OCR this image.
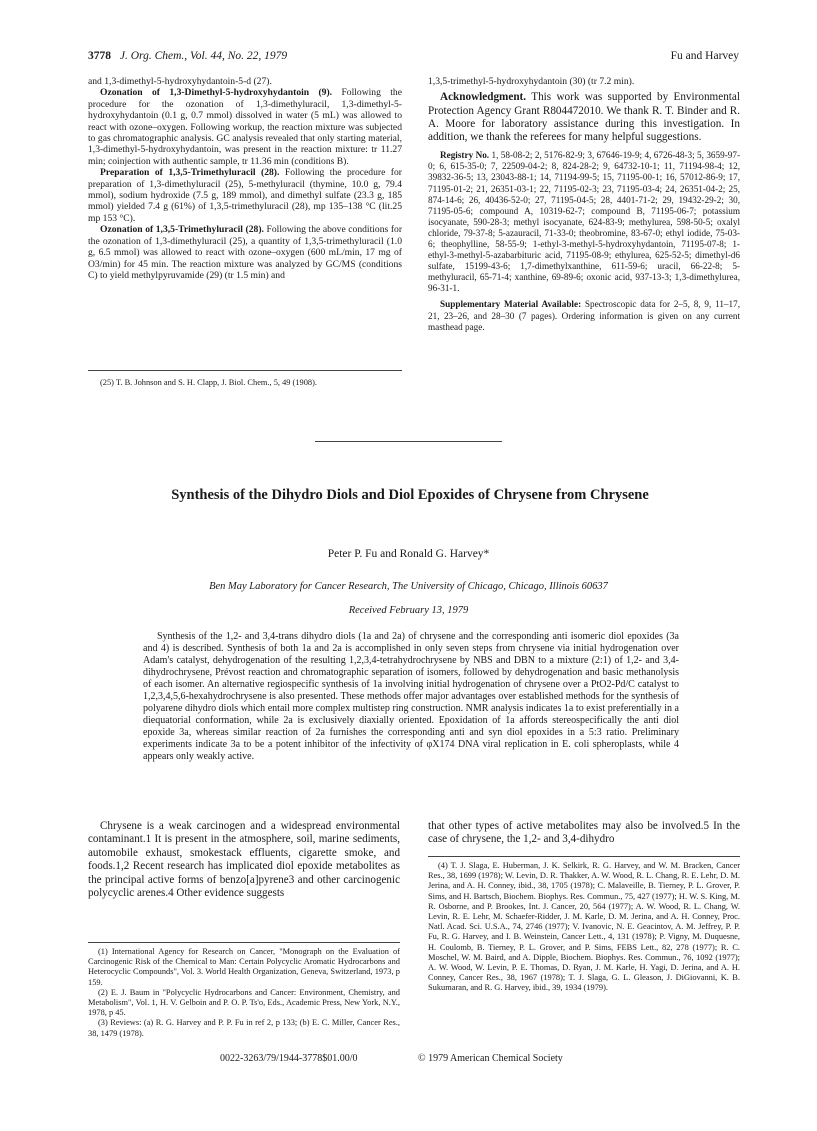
3778 J. Org. Chem., Vol. 44, No. 22, 1979	Fu and Harvey

and 1,3-dimethyl-5-hydroxyhydantoin-5-d (27).

Ozonation of 1,3-Dimethyl-5-hydroxyhydantoin (9). Following the procedure for the ozonation of 1,3-dimethyluracil, 1,3-dimethyl-5-hydroxyhydantoin (0.1 g, 0.7 mmol) dissolved in water (5 mL) was allowed to react with ozone–oxygen. Following workup, the reaction mixture was subjected to gas chromatographic analysis. GC analysis revealed that only starting material, 1,3-dimethyl-5-hydroxyhydantoin, was present in the reaction mixture: tr 11.27 min; coinjection with authentic sample, tr 11.36 min (conditions B).

Preparation of 1,3,5-Trimethyluracil (28). Following the procedure for preparation of 1,3-dimethyluracil (25), 5-methyluracil (thymine, 10.0 g, 79.4 mmol), sodium hydroxide (7.5 g, 189 mmol), and dimethyl sulfate (23.3 g, 185 mmol) yielded 7.4 g (61%) of 1,3,5-trimethyluracil (28), mp 135–138 °C (lit.25 mp 153 °C).

Ozonation of 1,3,5-Trimethyluracil (28). Following the above conditions for the ozonation of 1,3-dimethyluracil (25), a quantity of 1,3,5-trimethyluracil (1.0 g, 6.5 mmol) was allowed to react with ozone–oxygen (600 mL/min, 17 mg of O3/min) for 45 min. The reaction mixture was analyzed by GC/MS (conditions C) to yield methylpyruvamide (29) (tr 1.5 min) and

(25) T. B. Johnson and S. H. Clapp, J. Biol. Chem., 5, 49 (1908).

1,3,5-trimethyl-5-hydroxyhydantoin (30) (tr 7.2 min).

Acknowledgment. This work was supported by Environmental Protection Agency Grant R804472010. We thank R. T. Binder and R. A. Moore for laboratory assistance during this investigation. In addition, we thank the referees for many helpful suggestions.

Registry No. 1, 58-08-2; 2, 5176-82-9; 3, 67646-19-9; 4, 6726-48-3; 5, 3659-97-0; 6, 615-35-0; 7, 22509-04-2; 8, 824-28-2; 9, 64732-10-1; 11, 71194-98-4; 12, 39832-36-5; 13, 23043-88-1; 14, 71194-99-5; 15, 71195-00-1; 16, 57012-86-9; 17, 71195-01-2; 21, 26351-03-1; 22, 71195-02-3; 23, 71195-03-4; 24, 26351-04-2; 25, 874-14-6; 26, 40436-52-0; 27, 71195-04-5; 28, 4401-71-2; 29, 19432-29-2; 30, 71195-05-6; compound A, 10319-62-7; compound B, 71195-06-7; potassium isocyanate, 590-28-3; methyl isocyanate, 624-83-9; methylurea, 598-50-5; oxalyl chloride, 79-37-8; 5-azauracil, 71-33-0; theobromine, 83-67-0; ethyl iodide, 75-03-6; theophylline, 58-55-9; 1-ethyl-3-methyl-5-hydroxyhydantoin, 71195-07-8; 1-ethyl-3-methyl-5-azabarbituric acid, 71195-08-9; ethylurea, 625-52-5; dimethyl-d6 sulfate, 15199-43-6; 1,7-dimethylxanthine, 611-59-6; uracil, 66-22-8; 5-methyluracil, 65-71-4; xanthine, 69-89-6; oxonic acid, 937-13-3; 1,3-dimethylurea, 96-31-1.

Supplementary Material Available: Spectroscopic data for 2–5, 8, 9, 11–17, 21, 23–26, and 28–30 (7 pages). Ordering information is given on any current masthead page.

Synthesis of the Dihydro Diols and Diol Epoxides of Chrysene from Chrysene
Peter P. Fu and Ronald G. Harvey*
Ben May Laboratory for Cancer Research, The University of Chicago, Chicago, Illinois 60637
Received February 13, 1979
Synthesis of the 1,2- and 3,4-trans dihydro diols (1a and 2a) of chrysene and the corresponding anti isomeric diol epoxides (3a and 4) is described. Synthesis of both 1a and 2a is accomplished in only seven steps from chrysene via initial hydrogenation over Adam's catalyst, dehydrogenation of the resulting 1,2,3,4-tetrahydrochrysene by NBS and DBN to a mixture (2:1) of 1,2- and 3,4-dihydrochrysene, Prévost reaction and chromatographic separation of isomers, followed by dehydrogenation and basic methanolysis of each isomer. An alternative regiospecific synthesis of 1a involving initial hydrogenation of chrysene over a PtO2-Pd/C catalyst to 1,2,3,4,5,6-hexahydrochrysene is also presented. These methods offer major advantages over established methods for the synthesis of polyarene dihydro diols which entail more complex multistep ring construction. NMR analysis indicates 1a to exist preferentially in a diequatorial conformation, while 2a is exclusively diaxially oriented. Epoxidation of 1a affords stereospecifically the anti diol epoxide 3a, whereas similar reaction of 2a furnishes the corresponding anti and syn diol epoxides in a 5:3 ratio. Preliminary experiments indicate 3a to be a potent inhibitor of the infectivity of φX174 DNA viral replication in E. coli spheroplasts, while 4 appears only weakly active.
Chrysene is a weak carcinogen and a widespread environmental contaminant.1 It is present in the atmosphere, soil, marine sediments, automobile exhaust, smokestack effluents, cigarette smoke, and foods.1,2 Recent research has implicated diol epoxide metabolites as the principal active forms of benzo[a]pyrene3 and other carcinogenic polycyclic arenes.4 Other evidence suggests
that other types of active metabolites may also be involved.5 In the case of chrysene, the 1,2- and 3,4-dihydro

(1) International Agency for Research on Cancer, "Monograph on the Evaluation of Carcinogenic Risk of the Chemical to Man: Certain Polycyclic Aromatic Hydrocarbons and Heterocyclic Compounds", Vol. 3. World Health Organization, Geneva, Switzerland, 1973, p 159.

(2) E. J. Baum in "Polycyclic Hydrocarbons and Cancer: Environment, Chemistry, and Metabolism", Vol. 1, H. V. Gelboin and P. O. P. Ts'o, Eds., Academic Press, New York, N.Y., 1978, p 45.

(3) Reviews: (a) R. G. Harvey and P. P. Fu in ref 2, p 133; (b) E. C. Miller, Cancer Res., 38, 1479 (1978).

(4) T. J. Slaga, E. Huberman, J. K. Selkirk, R. G. Harvey, and W. M. Bracken, Cancer Res., 38, 1699 (1978); W. Levin, D. R. Thakker, A. W. Wood, R. L. Chang, R. E. Lehr, D. M. Jerina, and A. H. Conney, ibid., 38, 1705 (1978); C. Malaveille, B. Tierney, P. L. Grover, P. Sims, and H. Bartsch, Biochem. Biophys. Res. Commun., 75, 427 (1977); H. W. S. King, M. R. Osborne, and P. Brookes, Int. J. Cancer, 20, 564 (1977); A. W. Wood, R. L. Chang, W. Levin, R. E. Lehr, M. Schaefer-Ridder, J. M. Karle, D. M. Jerina, and A. H. Conney, Proc. Natl. Acad. Sci. U.S.A., 74, 2746 (1977); V. Ivanovic, N. E. Geacintov, A. M. Jeffrey, P. P. Fu, R. G. Harvey, and I. B. Weinstein, Cancer Lett., 4, 131 (1978); P. Vigny, M. Duquesne, H. Coulomb, B. Tierney, P. L. Grover, and P. Sims, FEBS Lett., 82, 278 (1977); R. C. Moschel, W. M. Baird, and A. Dipple, Biochem. Biophys. Res. Commun., 76, 1092 (1977); A. W. Wood, W. Levin, P. E. Thomas, D. Ryan, J. M. Karle, H. Yagi, D. Jerina, and A. H. Conney, Cancer Res., 38, 1967 (1978); T. J. Slaga, G. L. Gleason, J. DiGiovanni, K. B. Sukumaran, and R. G. Harvey, ibid., 39, 1934 (1979).

0022-3263/79/1944-3778$01.00/0	© 1979 American Chemical Society
